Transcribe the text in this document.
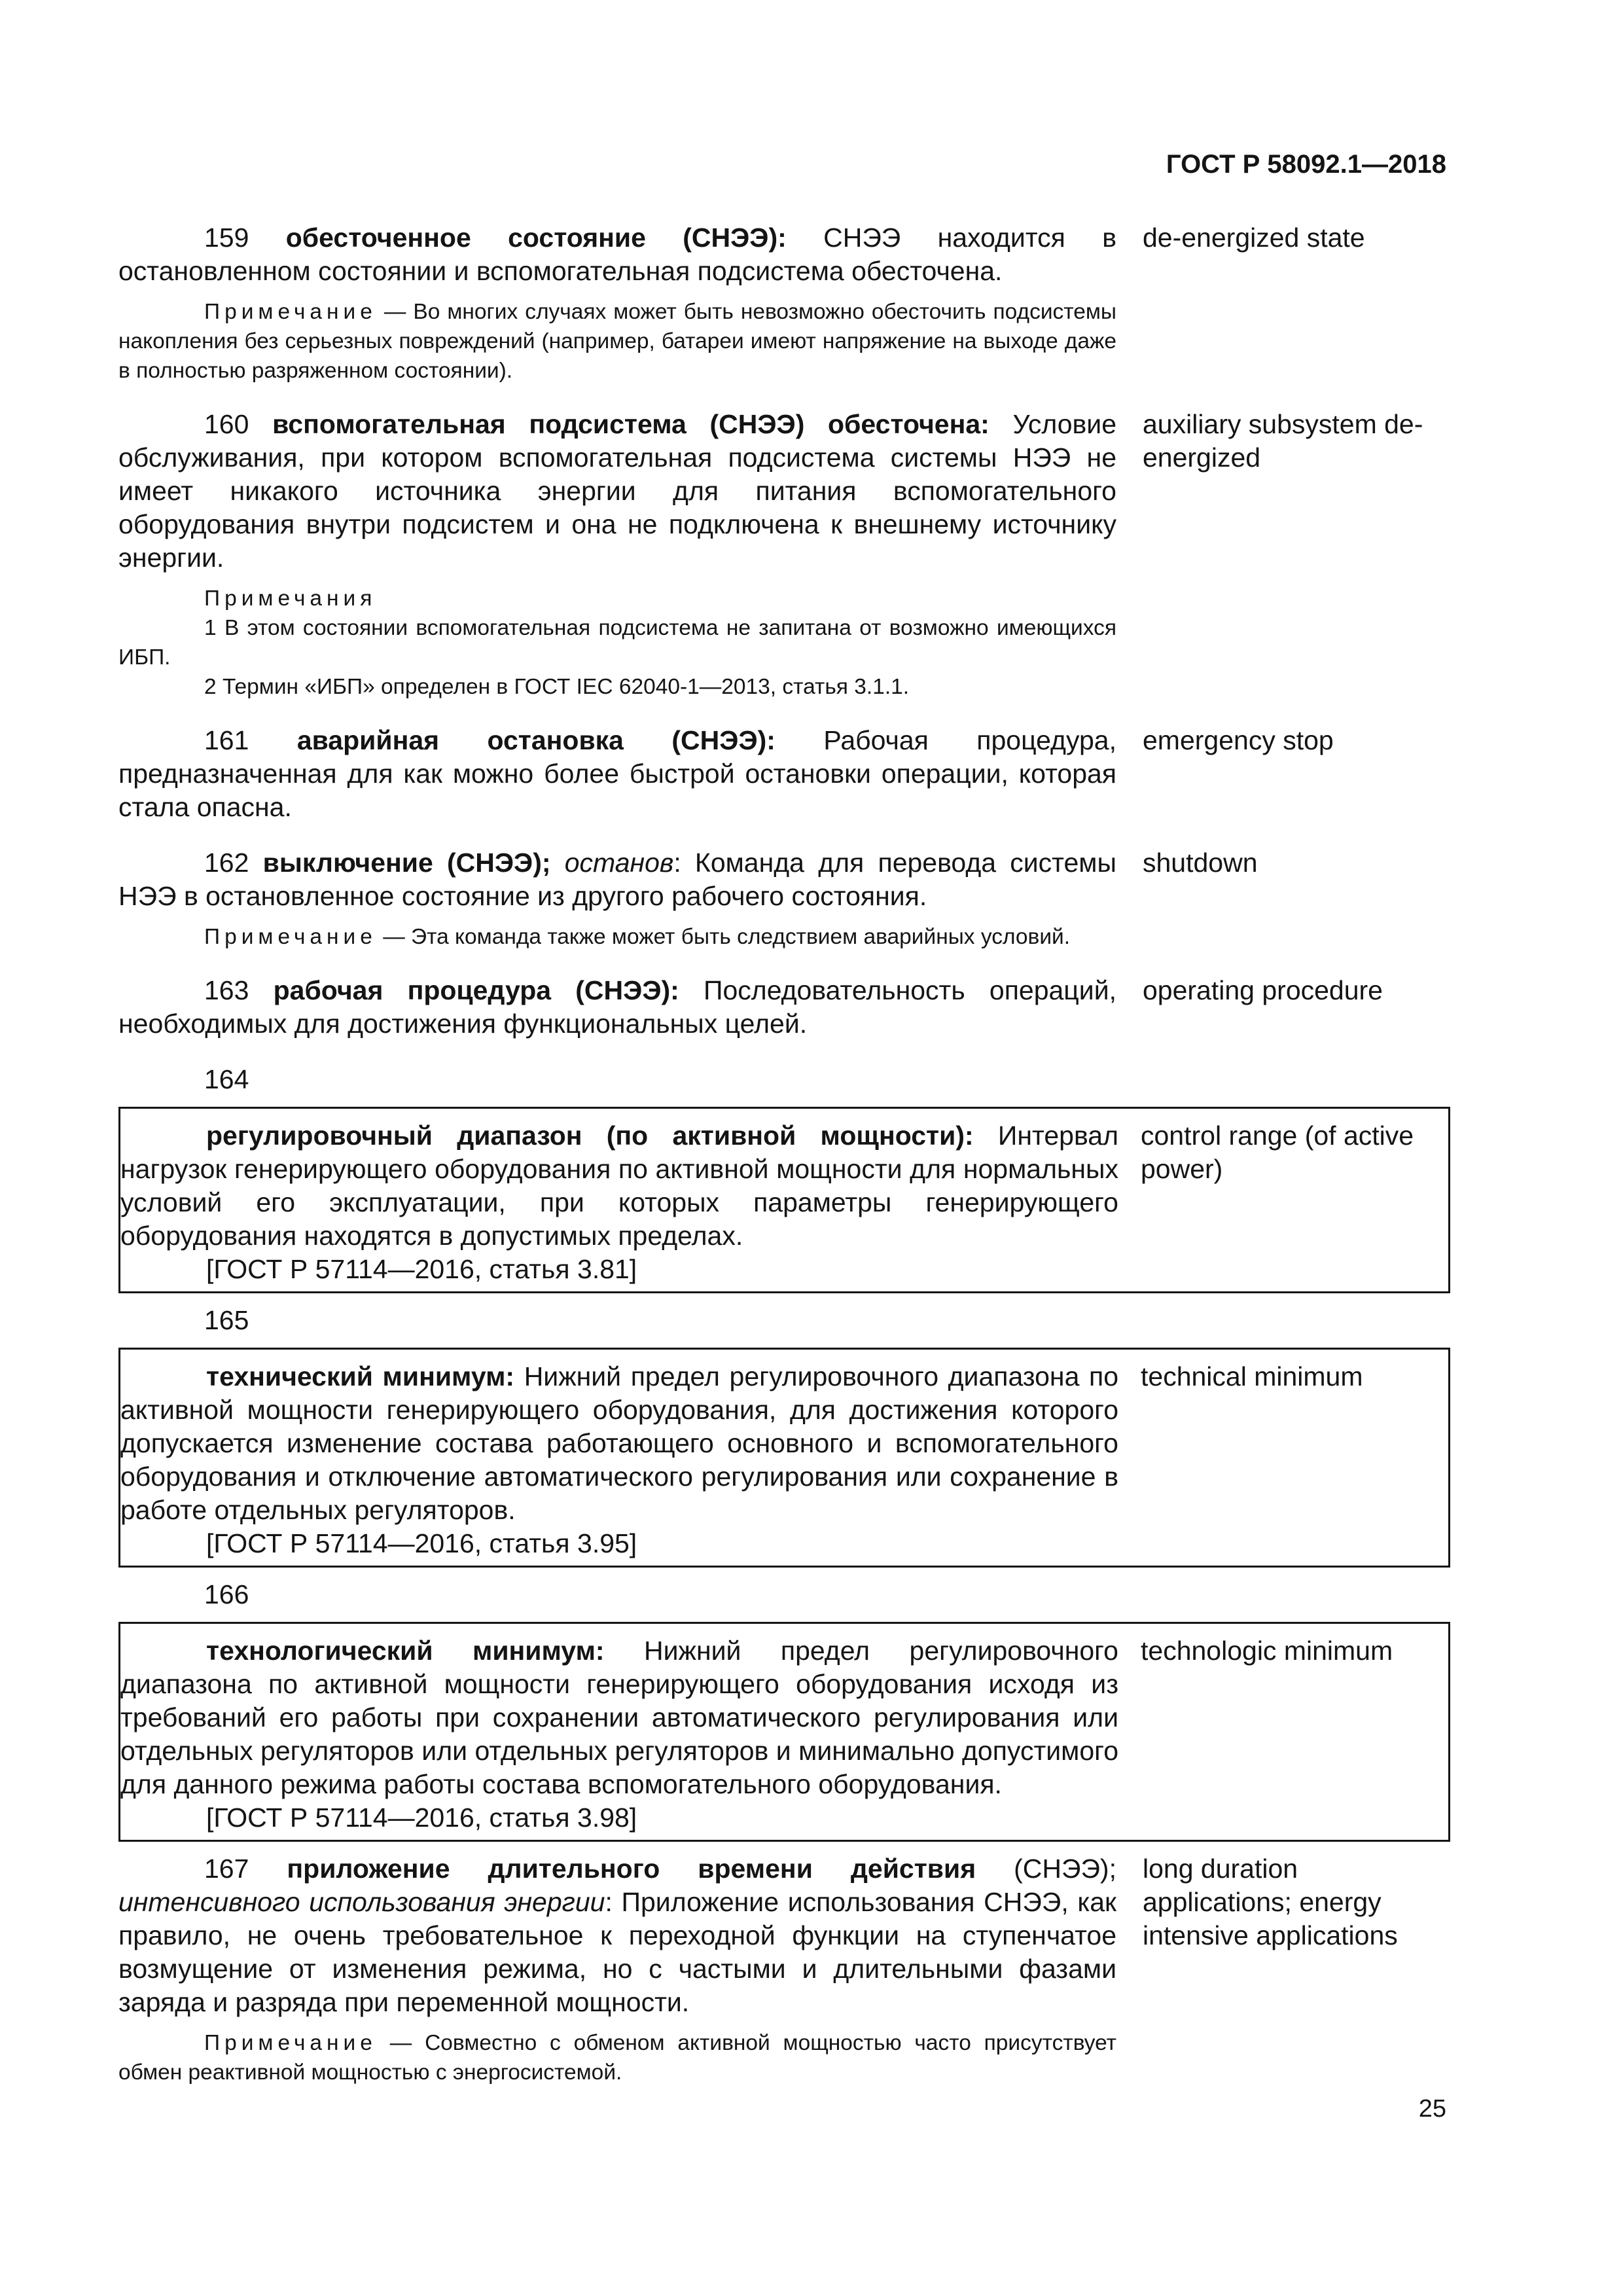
ГОСТ Р 58092.1—2018

159 обесточенное состояние (СНЭЭ): СНЭЭ находится в остановленном состоянии и вспомогательная подсистема обесточена.

Примечание — Во многих случаях может быть невозможно обесточить подсистемы накопления без серьезных повреждений (например, батареи имеют напряжение на выходе даже в полностью разряженном состоянии).

de-energized state

160 вспомогательная подсистема (СНЭЭ) обесточена: Условие обслуживания, при котором вспомогательная подсистема системы НЭЭ не имеет никакого источника энергии для питания вспомогательного оборудования внутри подсистем и она не подключена к внешнему источнику энергии.

Примечания

1 В этом состоянии вспомогательная подсистема не запитана от возможно имеющихся ИБП.

2 Термин «ИБП» определен в ГОСТ IEC 62040-1—2013, статья 3.1.1.

auxiliary subsystem de-energized

161 аварийная остановка (СНЭЭ): Рабочая процедура, предназначенная для как можно более быстрой остановки операции, которая стала опасна.

emergency stop

162 выключение (СНЭЭ); останов: Команда для перевода системы НЭЭ в остановленное состояние из другого рабочего состояния.

Примечание — Эта команда также может быть следствием аварийных условий.

shutdown

163 рабочая процедура (СНЭЭ): Последовательность операций, необходимых для достижения функциональных целей.

operating procedure
164

регулировочный диапазон (по активной мощности): Интервал нагрузок генерирующего оборудования по активной мощности для нормальных условий его эксплуатации, при которых параметры генерирующего оборудования находятся в допустимых пределах.

[ГОСТ Р 57114—2016, статья 3.81]
control range (of active power)
165

технический минимум: Нижний предел регулировочного диапазона по активной мощности генерирующего оборудования, для достижения которого допускается изменение состава работающего основного и вспомогательного оборудования и отключение автоматического регулирования или сохранение в работе отдельных регуляторов.

[ГОСТ Р 57114—2016, статья 3.95]
technical minimum
166

технологический минимум: Нижний предел регулировочного диапазона по активной мощности генерирующего оборудования исходя из требований его работы при сохранении автоматического регулирования или отдельных регуляторов или отдельных регуляторов и минимально допустимого для данного режима работы состава вспомогательного оборудования.

[ГОСТ Р 57114—2016, статья 3.98]
technologic minimum

167 приложение длительного времени действия (СНЭЭ); интенсивного использования энергии: Приложение использования СНЭЭ, как правило, не очень требовательное к переходной функции на ступенчатое возмущение от изменения режима, но с частыми и длительными фазами заряда и разряда при переменной мощности.

Примечание — Совместно с обменом активной мощностью часто присутствует обмен реактивной мощностью с энергосистемой.

long duration applications; energy intensive applications
25
